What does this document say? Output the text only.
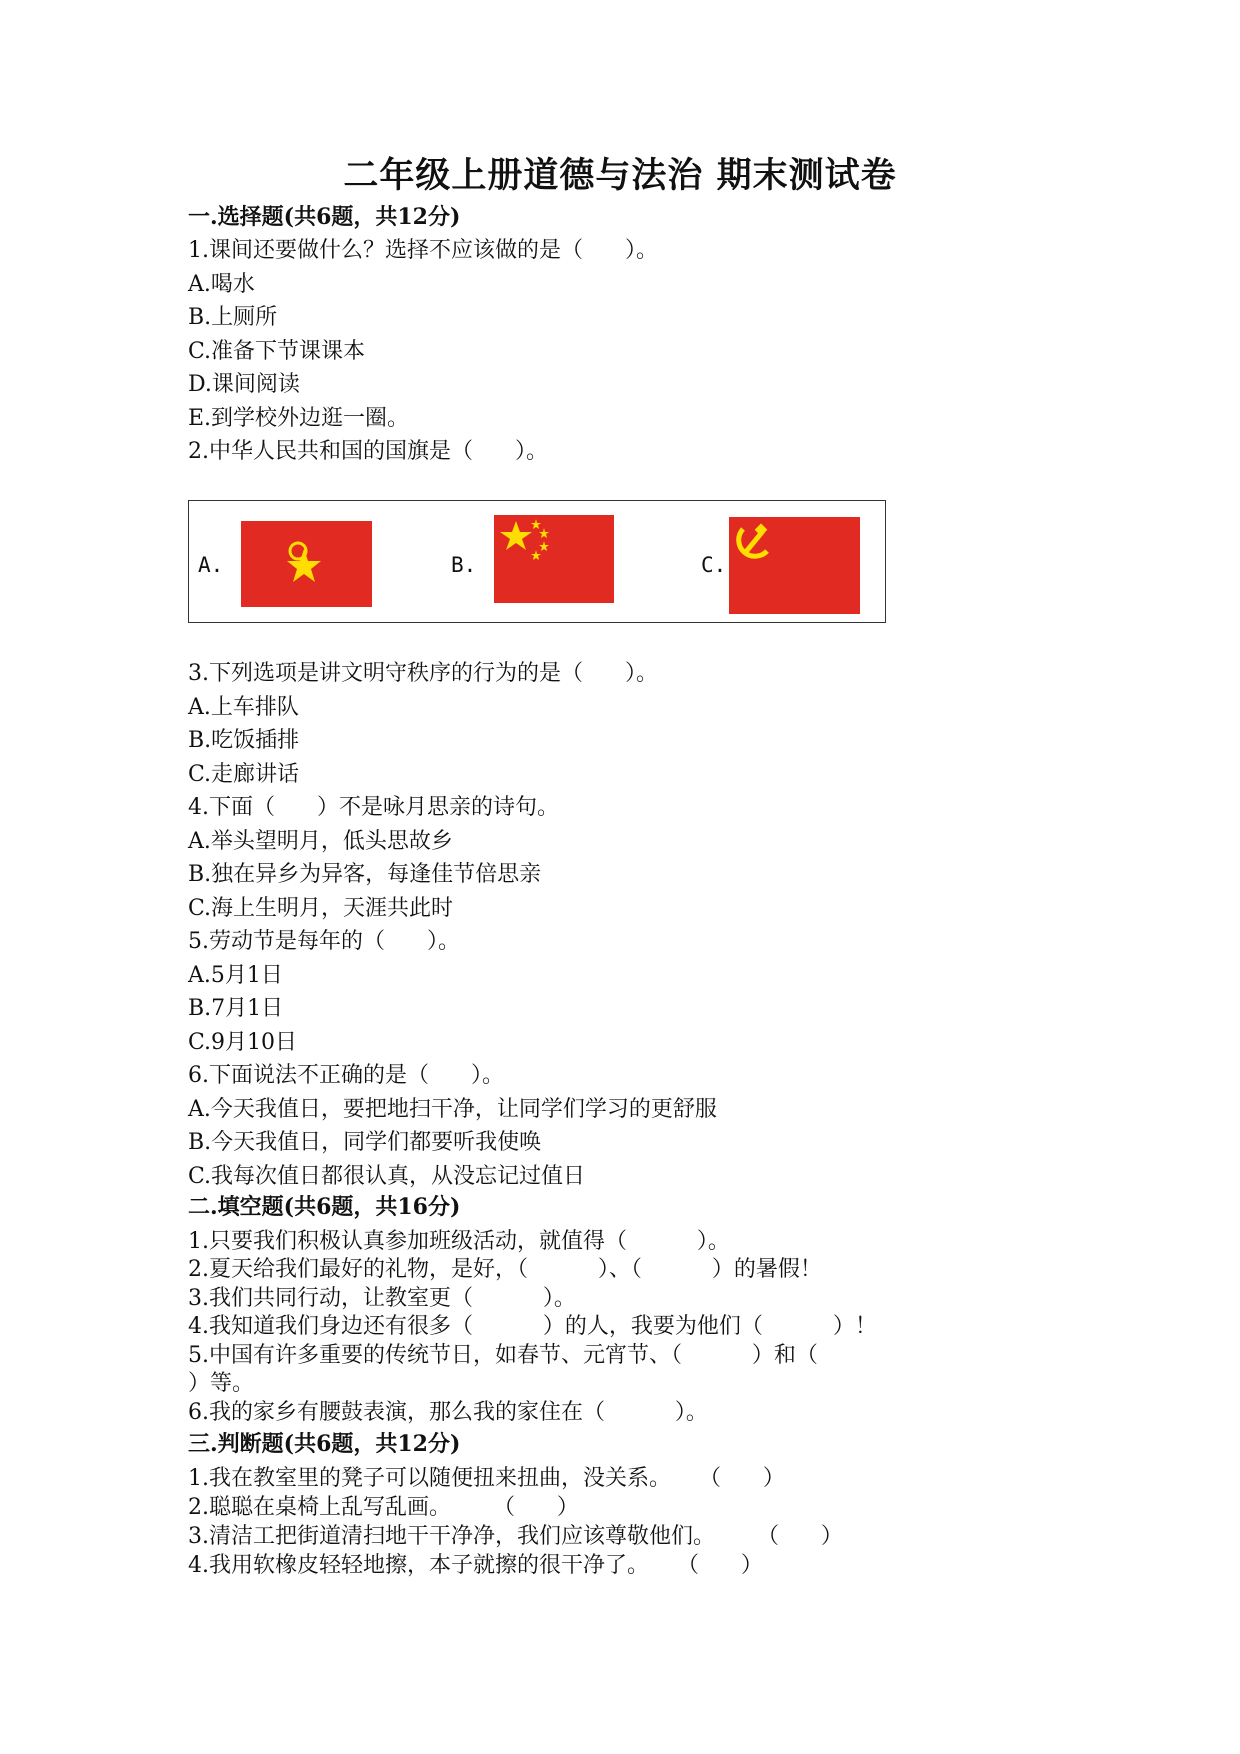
二年级上册道德与法治 期末测试卷
一.选择题(共6题，共12分)
1.课间还要做什么？选择不应该做的是（      ）。
A.喝水
B.上厕所
C.准备下节课课本
D.课间阅读
E.到学校外边逛一圈。
2.中华人民共和国的国旗是（      ）。
A.	B.	C.
3.下列选项是讲文明守秩序的行为的是（      ）。
A.上车排队
B.吃饭插排
C.走廊讲话
4.下面（      ）不是咏月思亲的诗句。
A.举头望明月，低头思故乡
B.独在异乡为异客，每逢佳节倍思亲
C.海上生明月，天涯共此时
5.劳动节是每年的（      ）。
A.5月1日
B.7月1日
C.9月10日
6.下面说法不正确的是（      ）。
A.今天我值日，要把地扫干净，让同学们学习的更舒服
B.今天我值日，同学们都要听我使唤
C.我每次值日都很认真，从没忘记过值日
二.填空题(共6题，共16分)
1.只要我们积极认真参加班级活动，就值得（          ）。
2.夏天给我们最好的礼物，是好，（          ）、（          ）的暑假！
3.我们共同行动，让教室更（          ）。
4.我知道我们身边还有很多（          ）的人，我要为他们（          ）！
5.中国有许多重要的传统节日，如春节、元宵节、（          ）和（
）等。
6.我的家乡有腰鼓表演，那么我的家住在（          ）。
三.判断题(共6题，共12分)
1.我在教室里的凳子可以随便扭来扭曲，没关系。    （      ）
2.聪聪在桌椅上乱写乱画。      （      ）
3.清洁工把街道清扫地干干净净，我们应该尊敬他们。      （      ）
4.我用软橡皮轻轻地擦，本子就擦的很干净了。    （      ）
